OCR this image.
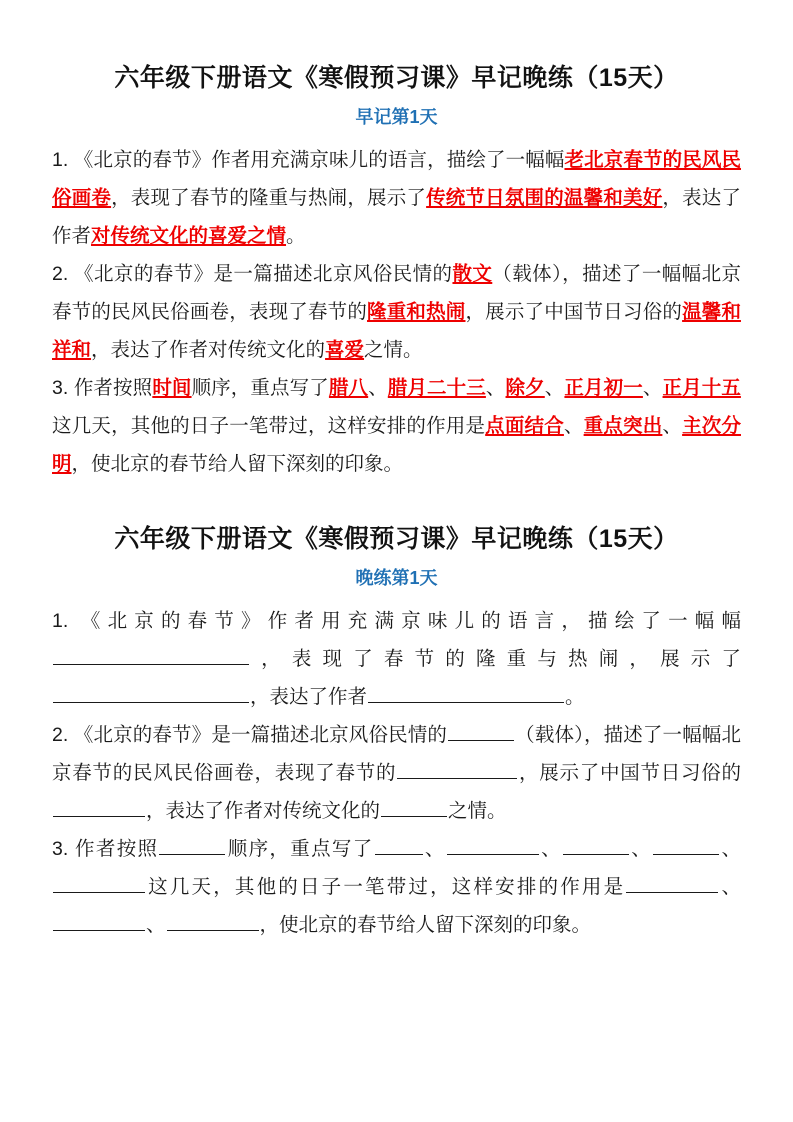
六年级下册语文《寒假预习课》早记晚练（15天）
早记第1天

1. 《北京的春节》作者用充满京味儿的语言，描绘了一幅幅老北京春节的民风民俗画卷，表现了春节的隆重与热闹，展示了传统节日氛围的温馨和美好，表达了作者对传统文化的喜爱之情。

2. 《北京的春节》是一篇描述北京风俗民情的散文（载体），描述了一幅幅北京春节的民风民俗画卷，表现了春节的隆重和热闹，展示了中国节日习俗的温馨和祥和，表达了作者对传统文化的喜爱之情。

3. 作者按照时间顺序，重点写了腊八、腊月二十三、除夕、正月初一、正月十五这几天，其他的日子一笔带过，这样安排的作用是点面结合、重点突出、主次分明，使北京的春节给人留下深刻的印象。

六年级下册语文《寒假预习课》早记晚练（15天）
晚练第1天

1. 《北京的春节》作者用充满京味儿的语言，描绘了一幅幅，表现了春节的隆重与热闹，展示了，表达了作者	。

2. 《北京的春节》是一篇描述北京风俗民情的	（载体），描述了一幅幅北京春节的民风民俗画卷，表现了春节的	，展示了中国节日习俗的，表达了作者对传统文化的	之情。

3. 作者按照	顺序，重点写了	、	、	、	、这几天，其他的日子一笔带过，这样安排的作用是	、、	，使北京的春节给人留下深刻的印象。
